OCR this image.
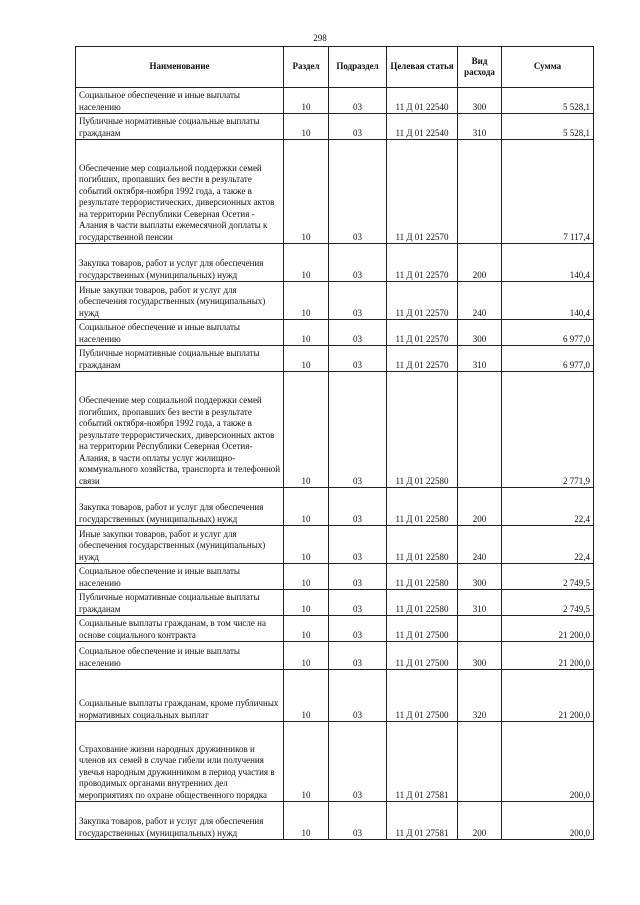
298
Наименование	Раздел	Подраздел	Целевая статья	Вид расхода	Сумма
Социальное обеспечение и иные выплаты населению	10	03	11 Д 01 22540	300	5 528,1
Публичные нормативные социальные выплаты гражданам	10	03	11 Д 01 22540	310	5 528,1
Обеспечение мер социальной поддержки семей погибших, пропавших без вести в результате событий октября-ноября 1992 года, а также в результате террористических, диверсионных актов на территории Республики Северная Осетия - Алания в части выплаты ежемесячной доплаты к государственной пенсии	10	03	11 Д 01 22570		7 117,4
Закупка товаров, работ и услуг для обеспечения государственных (муниципальных) нужд	10	03	11 Д 01 22570	200	140,4
Иные закупки товаров, работ и услуг для обеспечения государственных (муниципальных) нужд	10	03	11 Д 01 22570	240	140,4
Социальное обеспечение и иные выплаты населению	10	03	11 Д 01 22570	300	6 977,0
Публичные нормативные социальные выплаты гражданам	10	03	11 Д 01 22570	310	6 977,0
Обеспечение мер социальной поддержки семей погибших, пропавших без вести в результате событий октября-ноября 1992 года, а также в результате террористических, диверсионных актов на территории Республики Северная Осетия-Алания, в части оплаты услуг жилищно-коммунального хозяйства, транспорта и телефонной связи	10	03	11 Д 01 22580		2 771,9
Закупка товаров, работ и услуг для обеспечения государственных (муниципальных) нужд	10	03	11 Д 01 22580	200	22,4
Иные закупки товаров, работ и услуг для обеспечения государственных (муниципальных) нужд	10	03	11 Д 01 22580	240	22,4
Социальное обеспечение и иные выплаты населению	10	03	11 Д 01 22580	300	2 749,5
Публичные нормативные социальные выплаты гражданам	10	03	11 Д 01 22580	310	2 749,5
Социальные выплаты гражданам, в том числе на основе социального контракта	10	03	11 Д 01 27500		21 200,0
Социальное обеспечение и иные выплаты населению	10	03	11 Д 01 27500	300	21 200,0
Социальные выплаты гражданам, кроме публичных нормативных социальных выплат	10	03	11 Д 01 27500	320	21 200,0
Страхование жизни народных дружинников и членов их семей в случае гибели или получения увечья народным дружинником в период участия в проводимых органами внутренних дел мероприятиях по охране общественного порядка	10	03	11 Д 01 27581		200,0
Закупка товаров, работ и услуг для обеспечения государственных (муниципальных) нужд	10	03	11 Д 01 27581	200	200,0
